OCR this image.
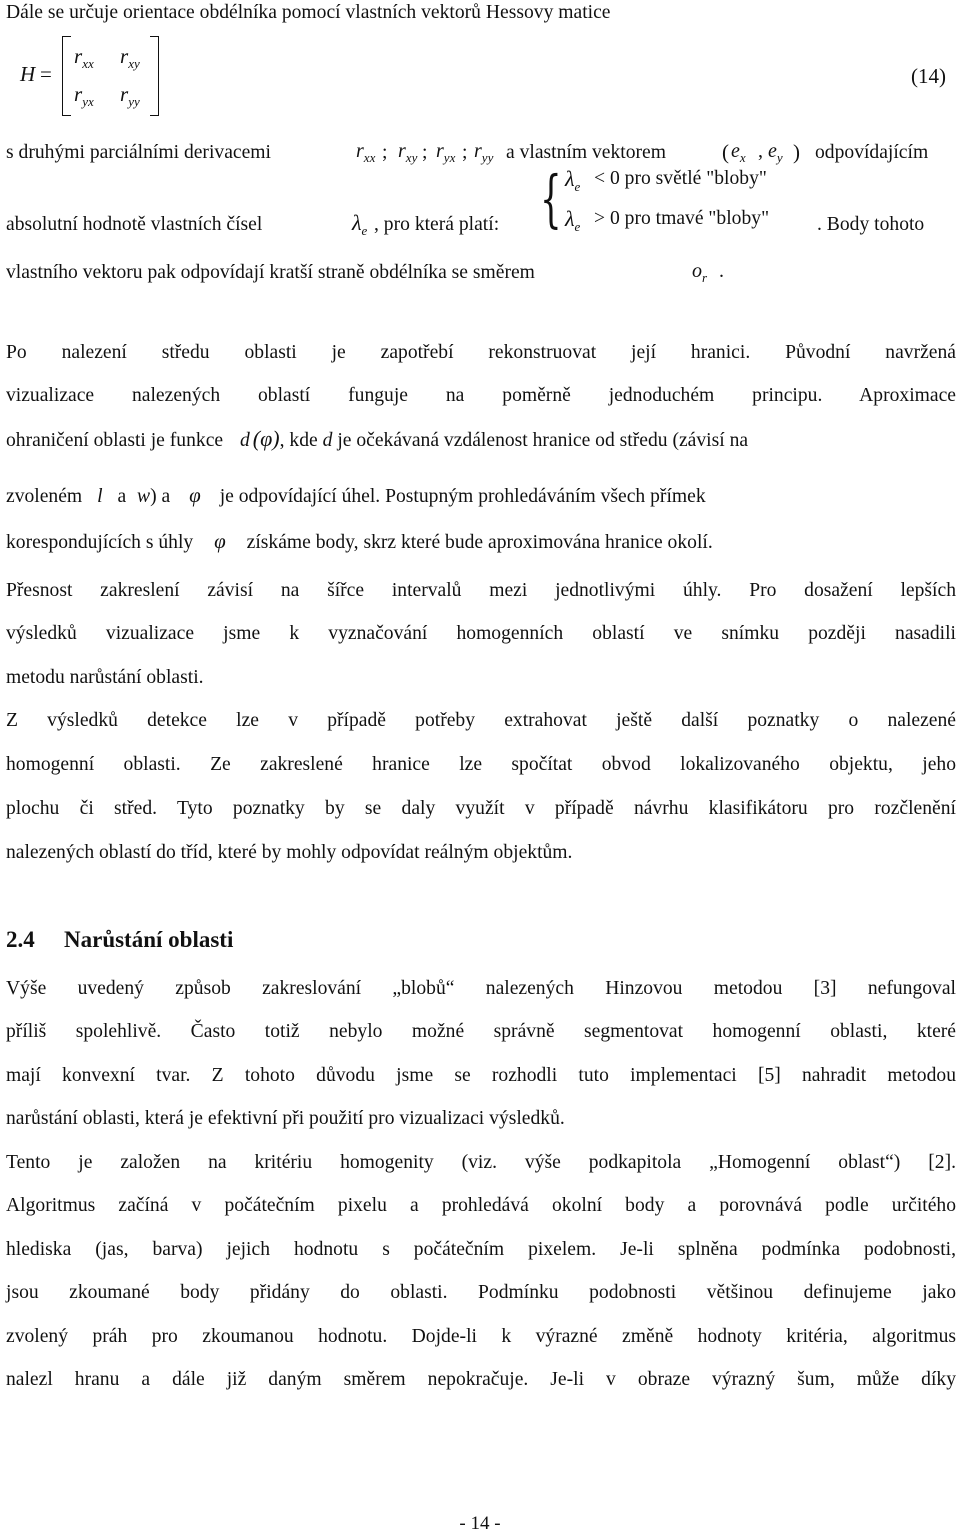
Dále se určuje orientace obdélníka pomocí vlastních vektorů Hessovy matice
H =
$r_{xx}$ $r_{xy}$
$r_{yx}$ $r_{yy}$
(14)
s druhými parciálními derivacemi	$r_{xx}$ ; $r_{xy}$ ; $r_{yx}$ ; $r_{yy}$ a vlastním vektorem	( $e_x$ , $e_y$ ) odpovídajícím
absolutní hodnotě vlastních čísel	$\lambda_e$ , pro která platí: { $\lambda_e < 0$ pro světlé "bloby"
$\lambda_e > 0$ pro tmavé "bloby" . Body tohoto
vlastního vektoru pak odpovídají kratší straně obdélníka se směrem	$o_r$ .
Po nalezení středu oblasti je zapotřebí rekonstruovat její hranici. Původní navržená
vizualizace nalezených oblastí funguje na poměrně jednoduchém principu. Aproximace
ohraničení oblasti je funkce d (φ), kde d je očekávaná vzdálenost hranice od středu (závisí na
zvoleném l a w) a φ je odpovídající úhel. Postupným prohledáváním všech přímek
korespondujících s úhly φ získáme body, skrz které bude aproximována hranice okolí.
Přesnost zakreslení závisí na šířce intervalů mezi jednotlivými úhly. Pro dosažení lepších
výsledků vizualizace jsme k vyznačování homogenních oblastí ve snímku později nasadili
metodu narůstání oblasti.
Z výsledků detekce lze v případě potřeby extrahovat ještě další poznatky o nalezené
homogenní oblasti. Ze zakreslené hranice lze spočítat obvod lokalizovaného objektu, jeho
plochu či střed. Tyto poznatky by se daly využít v případě návrhu klasifikátoru pro rozčlenění
nalezených oblastí do tříd, které by mohly odpovídat reálným objektům.
2.4 Narůstání oblasti
Výše uvedený způsob zakreslování „blobů“ nalezených Hinzovou metodou [3] nefungoval
příliš spolehlivě. Často totiž nebylo možné správně segmentovat homogenní oblasti, které
mají konvexní tvar. Z tohoto důvodu jsme se rozhodli tuto implementaci [5] nahradit metodou
narůstání oblasti, která je efektivní při použití pro vizualizaci výsledků.
Tento je založen na kritériu homogenity (viz. výše podkapitola „Homogenní oblast“) [2].
Algoritmus začíná v počátečním pixelu a prohledává okolní body a porovnává podle určitého
hlediska (jas, barva) jejich hodnotu s počátečním pixelem. Je-li splněna podmínka podobnosti,
jsou zkoumané body přidány do oblasti. Podmínku podobnosti většinou definujeme jako
zvolený práh pro zkoumanou hodnotu. Dojde-li k výrazné změně hodnoty kritéria, algoritmus
nalezl hranu a dále již daným směrem nepokračuje. Je-li v obraze výrazný šum, může díky
- 14 -
